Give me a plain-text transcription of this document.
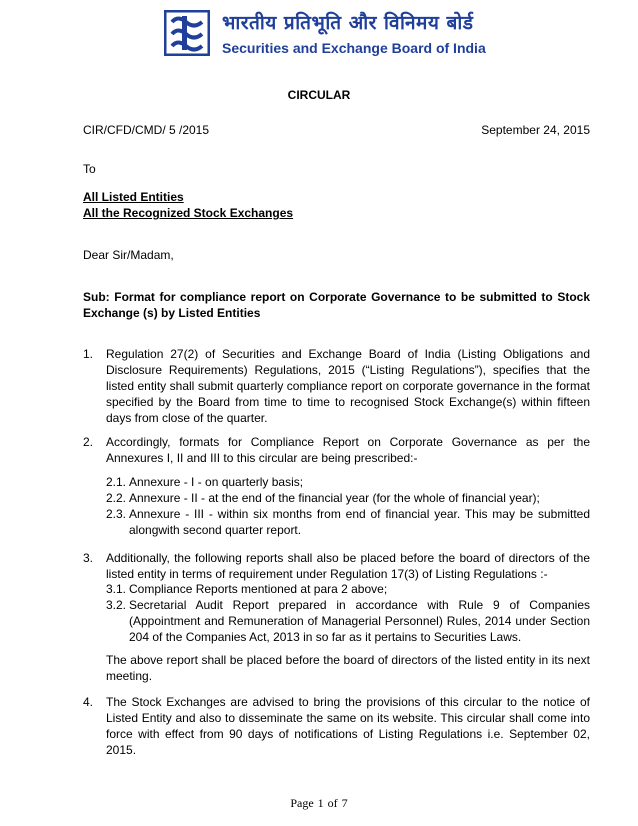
भारतीय प्रतिभूति और विनिमय बोर्ड
Securities and Exchange Board of India
CIRCULAR
CIR/CFD/CMD/ 5 /2015	September 24, 2015
To
All Listed Entities
All the Recognized Stock Exchanges
Dear Sir/Madam,
Sub: Format for compliance report on Corporate Governance to be submitted to Stock Exchange (s) by Listed Entities
1. Regulation 27(2) of Securities and Exchange Board of India (Listing Obligations and Disclosure Requirements) Regulations, 2015 (“Listing Regulations”), specifies that the listed entity shall submit quarterly compliance report on corporate governance in the format specified by the Board from time to time to recognised Stock Exchange(s) within fifteen days from close of the quarter.
2. Accordingly, formats for Compliance Report on Corporate Governance as per the Annexures I, II and III to this circular are being prescribed:-
2.1. Annexure - I - on quarterly basis;
2.2. Annexure - II - at the end of the financial year (for the whole of financial year);
2.3. Annexure - III - within six months from end of financial year. This may be submitted alongwith second quarter report.
3. Additionally, the following reports shall also be placed before the board of directors of the listed entity in terms of requirement under Regulation 17(3) of Listing Regulations :-
3.1. Compliance Reports mentioned at para 2 above;
3.2. Secretarial Audit Report prepared in accordance with Rule 9 of Companies (Appointment and Remuneration of Managerial Personnel) Rules, 2014 under Section 204 of the Companies Act, 2013 in so far as it pertains to Securities Laws.
The above report shall be placed before the board of directors of the listed entity in its next meeting.
4. The Stock Exchanges are advised to bring the provisions of this circular to the notice of Listed Entity and also to disseminate the same on its website. This circular shall come into force with effect from 90 days of notifications of Listing Regulations i.e. September 02, 2015.
Page 1 of 7
